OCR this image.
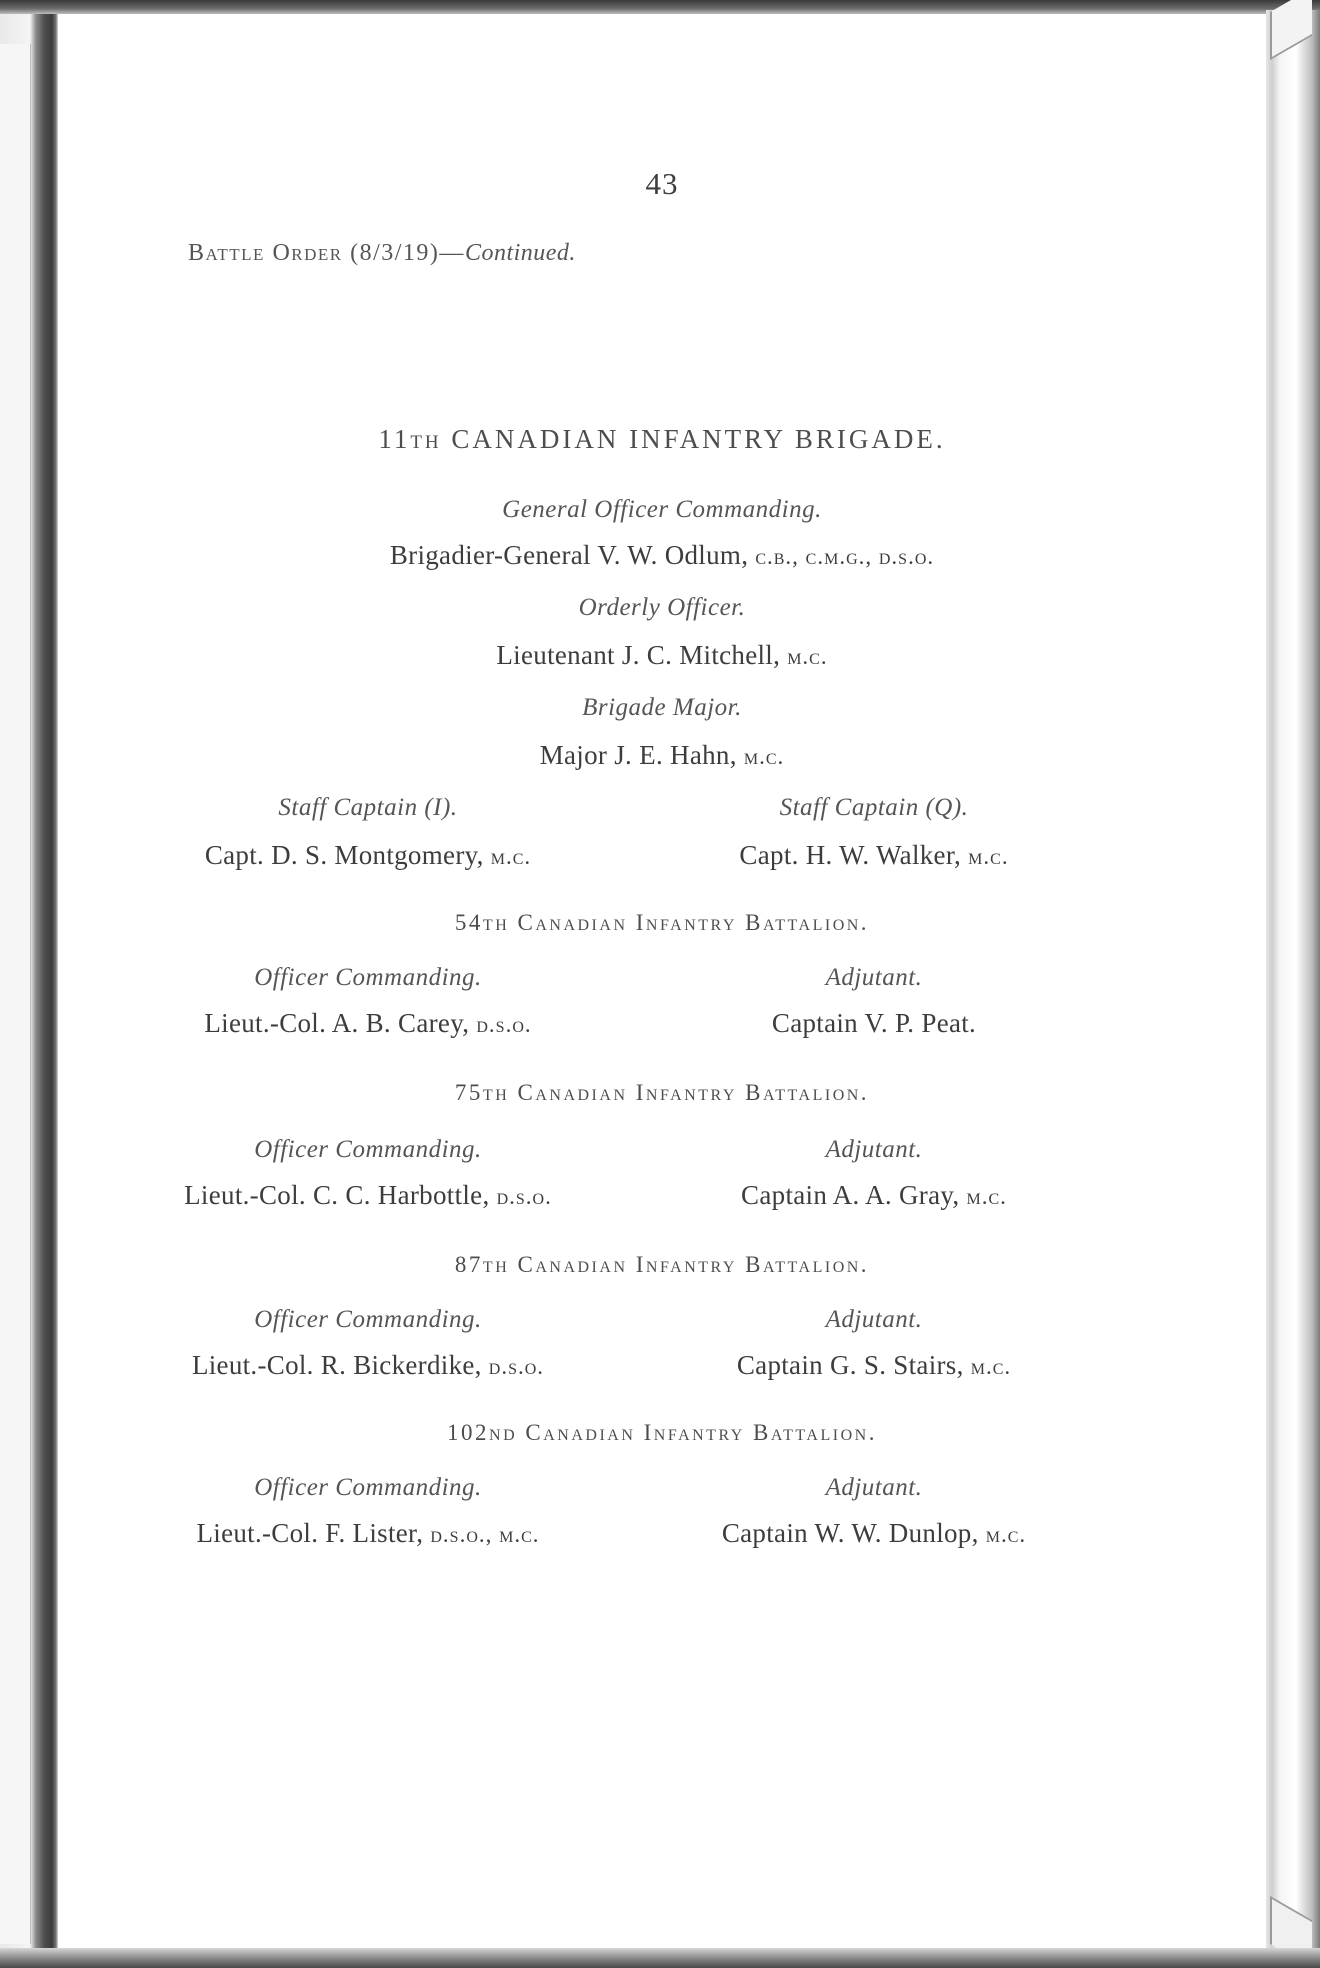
43
Battle Order (8/3/19)—Continued.
11th CANADIAN INFANTRY BRIGADE.
General Officer Commanding.
Brigadier-General V. W. Odlum, c.b., c.m.g., d.s.o.
Orderly Officer.
Lieutenant J. C. Mitchell, m.c.
Brigade Major.
Major J. E. Hahn, m.c.
Staff Captain (I).	Staff Captain (Q).
Capt. D. S. Montgomery, m.c.	Capt. H. W. Walker, m.c.
54th Canadian Infantry Battalion.
Officer Commanding.	Adjutant.
Lieut.-Col. A. B. Carey, d.s.o.	Captain V. P. Peat.
75th Canadian Infantry Battalion.
Officer Commanding.	Adjutant.
Lieut.-Col. C. C. Harbottle, d.s.o.	Captain A. A. Gray, m.c.
87th Canadian Infantry Battalion.
Officer Commanding.	Adjutant.
Lieut.-Col. R. Bickerdike, d.s.o.	Captain G. S. Stairs, m.c.
102nd Canadian Infantry Battalion.
Officer Commanding.	Adjutant.
Lieut.-Col. F. Lister, d.s.o., m.c.	Captain W. W. Dunlop, m.c.
